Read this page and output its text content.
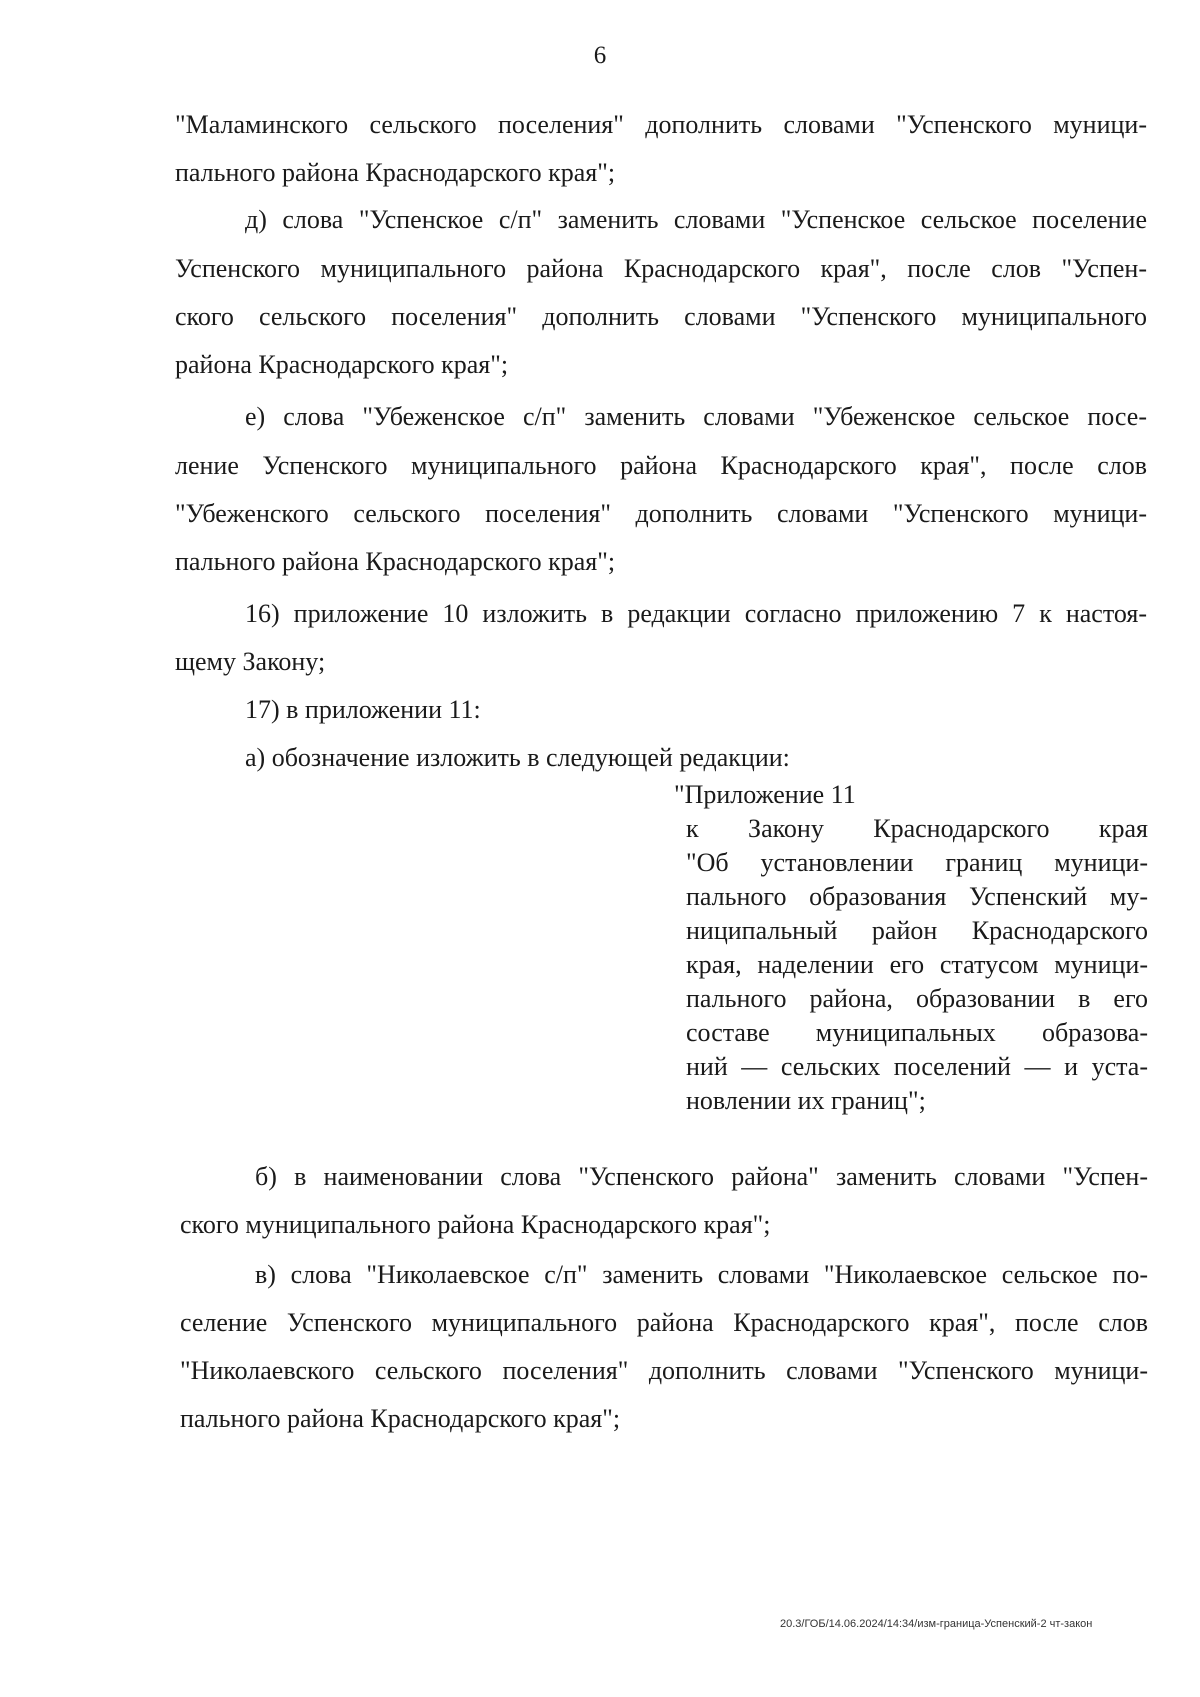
6
"Маламинского сельского поселения" дополнить словами "Успенского муници-
пального района Краснодарского края";
д) слова "Успенское с/п" заменить словами "Успенское сельское поселение
Успенского муниципального района Краснодарского края", после слов "Успен-
ского сельского поселения" дополнить словами "Успенского муниципального
района Краснодарского края";
е) слова "Убеженское с/п" заменить словами "Убеженское сельское посе-
ление Успенского муниципального района Краснодарского края", после слов
"Убеженского сельского поселения" дополнить словами "Успенского муници-
пального района Краснодарского края";
16) приложение 10 изложить в редакции согласно приложению 7 к настоя-
щему Закону;
17) в приложении 11:
а) обозначение изложить в следующей редакции:
"Приложение 11
к Закону Краснодарского края
"Об установлении границ муници-
пального образования Успенский му-
ниципальный район Краснодарского
края, наделении его статусом муници-
пального района, образовании в его
составе муниципальных образова-
ний — сельских поселений — и уста-
новлении их границ";
б) в наименовании слова "Успенского района" заменить словами "Успен-
ского муниципального района Краснодарского края";
в) слова "Николаевское с/п" заменить словами "Николаевское сельское по-
селение Успенского муниципального района Краснодарского края", после слов
"Николаевского сельского поселения" дополнить словами "Успенского муници-
пального района Краснодарского края";
20.3/ГОБ/14.06.2024/14:34/изм-граница-Успенский-2 чт-закон
